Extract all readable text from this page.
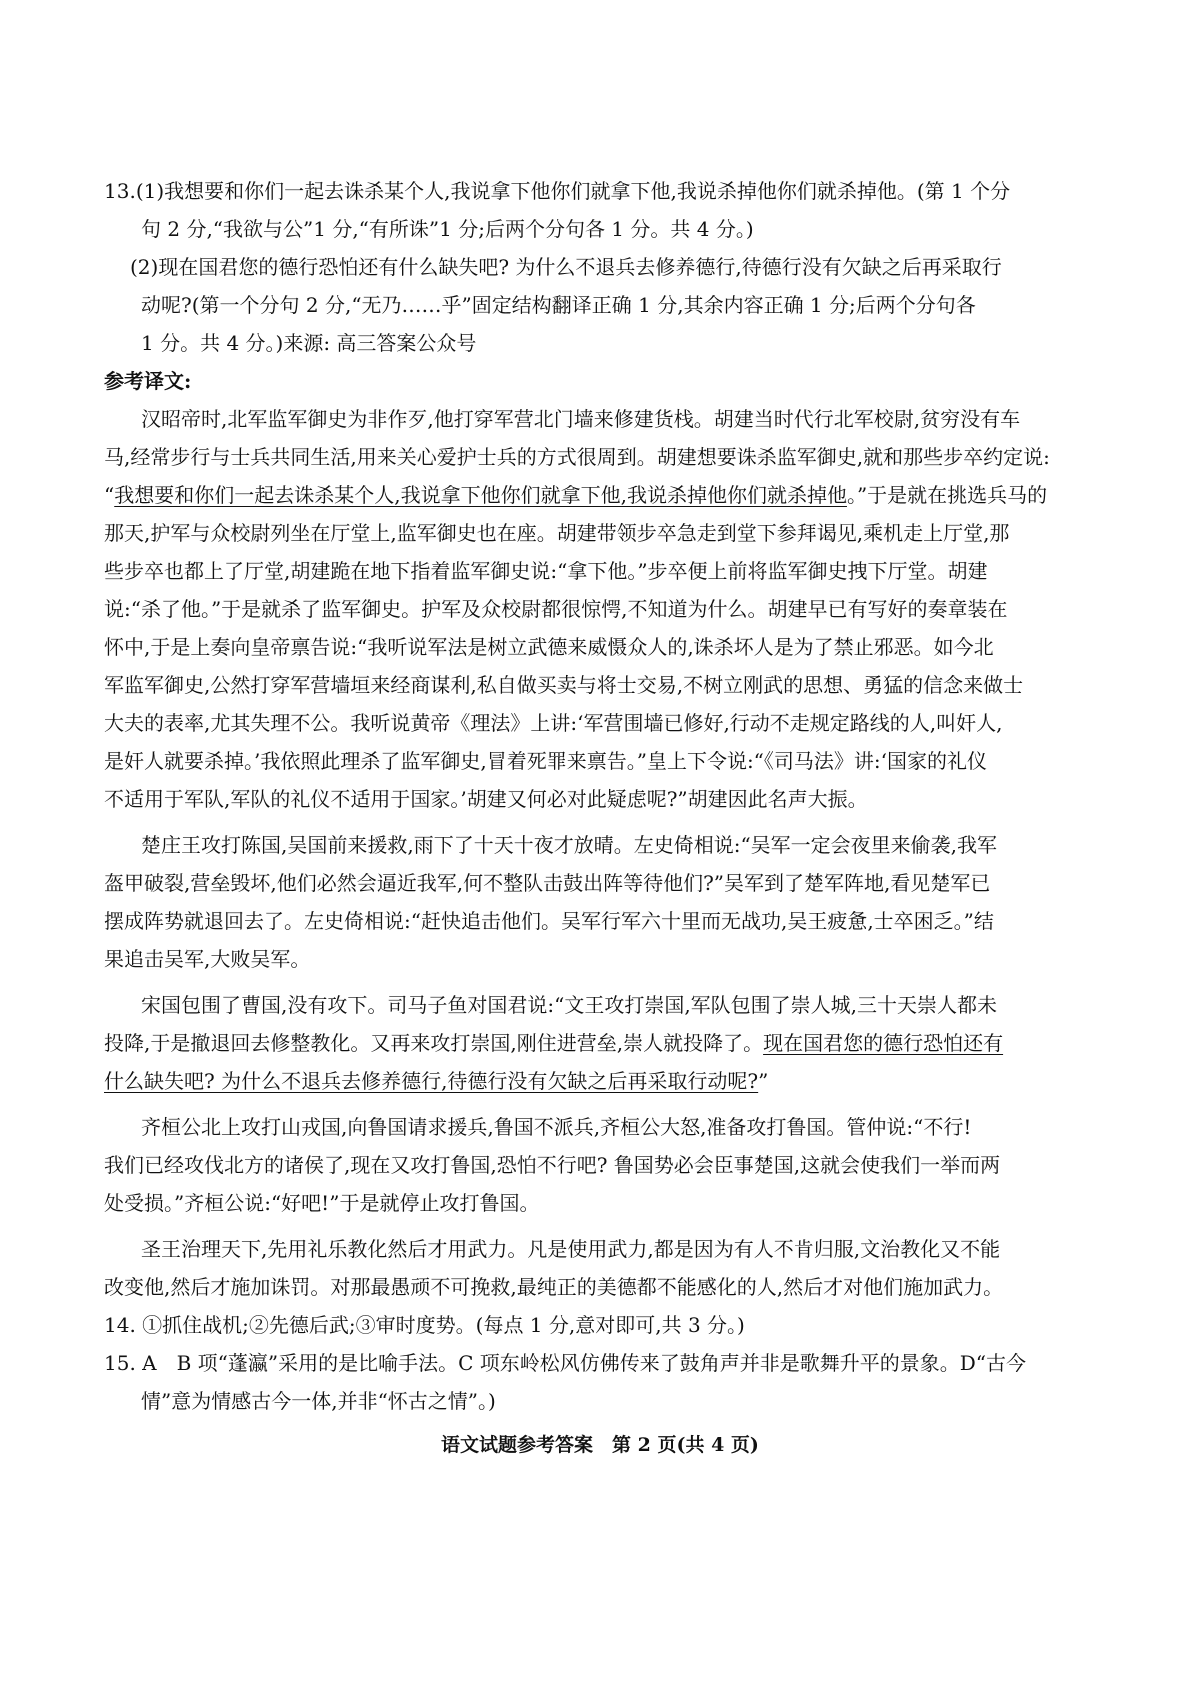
13.(1)我想要和你们一起去诛杀某个人,我说拿下他你们就拿下他,我说杀掉他你们就杀掉他。(第 1 个分
句 2 分,“我欲与公”1 分,“有所诛”1 分;后两个分句各 1 分。共 4 分。)
(2)现在国君您的德行恐怕还有什么缺失吧? 为什么不退兵去修养德行,待德行没有欠缺之后再采取行
动呢?(第一个分句 2 分,“无乃……乎”固定结构翻译正确 1 分,其余内容正确 1 分;后两个分句各
1 分。共 4 分。)来源: 高三答案公众号
参考译文:
汉昭帝时,北军监军御史为非作歹,他打穿军营北门墙来修建货栈。胡建当时代行北军校尉,贫穷没有车
马,经常步行与士兵共同生活,用来关心爱护士兵的方式很周到。胡建想要诛杀监军御史,就和那些步卒约定说:
“我想要和你们一起去诛杀某个人,我说拿下他你们就拿下他,我说杀掉他你们就杀掉他。”于是就在挑选兵马的
那天,护军与众校尉列坐在厅堂上,监军御史也在座。胡建带领步卒急走到堂下参拜谒见,乘机走上厅堂,那
些步卒也都上了厅堂,胡建跪在地下指着监军御史说:“拿下他。”步卒便上前将监军御史拽下厅堂。胡建
说:“杀了他。”于是就杀了监军御史。护军及众校尉都很惊愕,不知道为什么。胡建早已有写好的奏章装在
怀中,于是上奏向皇帝禀告说:“我听说军法是树立武德来威慑众人的,诛杀坏人是为了禁止邪恶。如今北
军监军御史,公然打穿军营墙垣来经商谋利,私自做买卖与将士交易,不树立刚武的思想、勇猛的信念来做士
大夫的表率,尤其失理不公。我听说黄帝《理法》上讲:‘军营围墙已修好,行动不走规定路线的人,叫奸人,
是奸人就要杀掉。’我依照此理杀了监军御史,冒着死罪来禀告。”皇上下令说:“《司马法》讲:‘国家的礼仪
不适用于军队,军队的礼仪不适用于国家。’胡建又何必对此疑虑呢?”胡建因此名声大振。
楚庄王攻打陈国,吴国前来援救,雨下了十天十夜才放晴。左史倚相说:“吴军一定会夜里来偷袭,我军
盔甲破裂,营垒毁坏,他们必然会逼近我军,何不整队击鼓出阵等待他们?”吴军到了楚军阵地,看见楚军已
摆成阵势就退回去了。左史倚相说:“赶快追击他们。吴军行军六十里而无战功,吴王疲惫,士卒困乏。”结
果追击吴军,大败吴军。
宋国包围了曹国,没有攻下。司马子鱼对国君说:“文王攻打崇国,军队包围了崇人城,三十天崇人都未
投降,于是撤退回去修整教化。又再来攻打崇国,刚住进营垒,崇人就投降了。现在国君您的德行恐怕还有
什么缺失吧? 为什么不退兵去修养德行,待德行没有欠缺之后再采取行动呢?”
齐桓公北上攻打山戎国,向鲁国请求援兵,鲁国不派兵,齐桓公大怒,准备攻打鲁国。管仲说:“不行!
我们已经攻伐北方的诸侯了,现在又攻打鲁国,恐怕不行吧? 鲁国势必会臣事楚国,这就会使我们一举而两
处受损。”齐桓公说:“好吧!”于是就停止攻打鲁国。
圣王治理天下,先用礼乐教化然后才用武力。凡是使用武力,都是因为有人不肯归服,文治教化又不能
改变他,然后才施加诛罚。对那最愚顽不可挽救,最纯正的美德都不能感化的人,然后才对他们施加武力。
14. ①抓住战机;②先德后武;③审时度势。(每点 1 分,意对即可,共 3 分。)
15. A　B 项“蓬瀛”采用的是比喻手法。C 项东岭松风仿佛传来了鼓角声并非是歌舞升平的景象。D“古今
情”意为情感古今一体,并非“怀古之情”。)
语文试题参考答案　第 2 页(共 4 页)
